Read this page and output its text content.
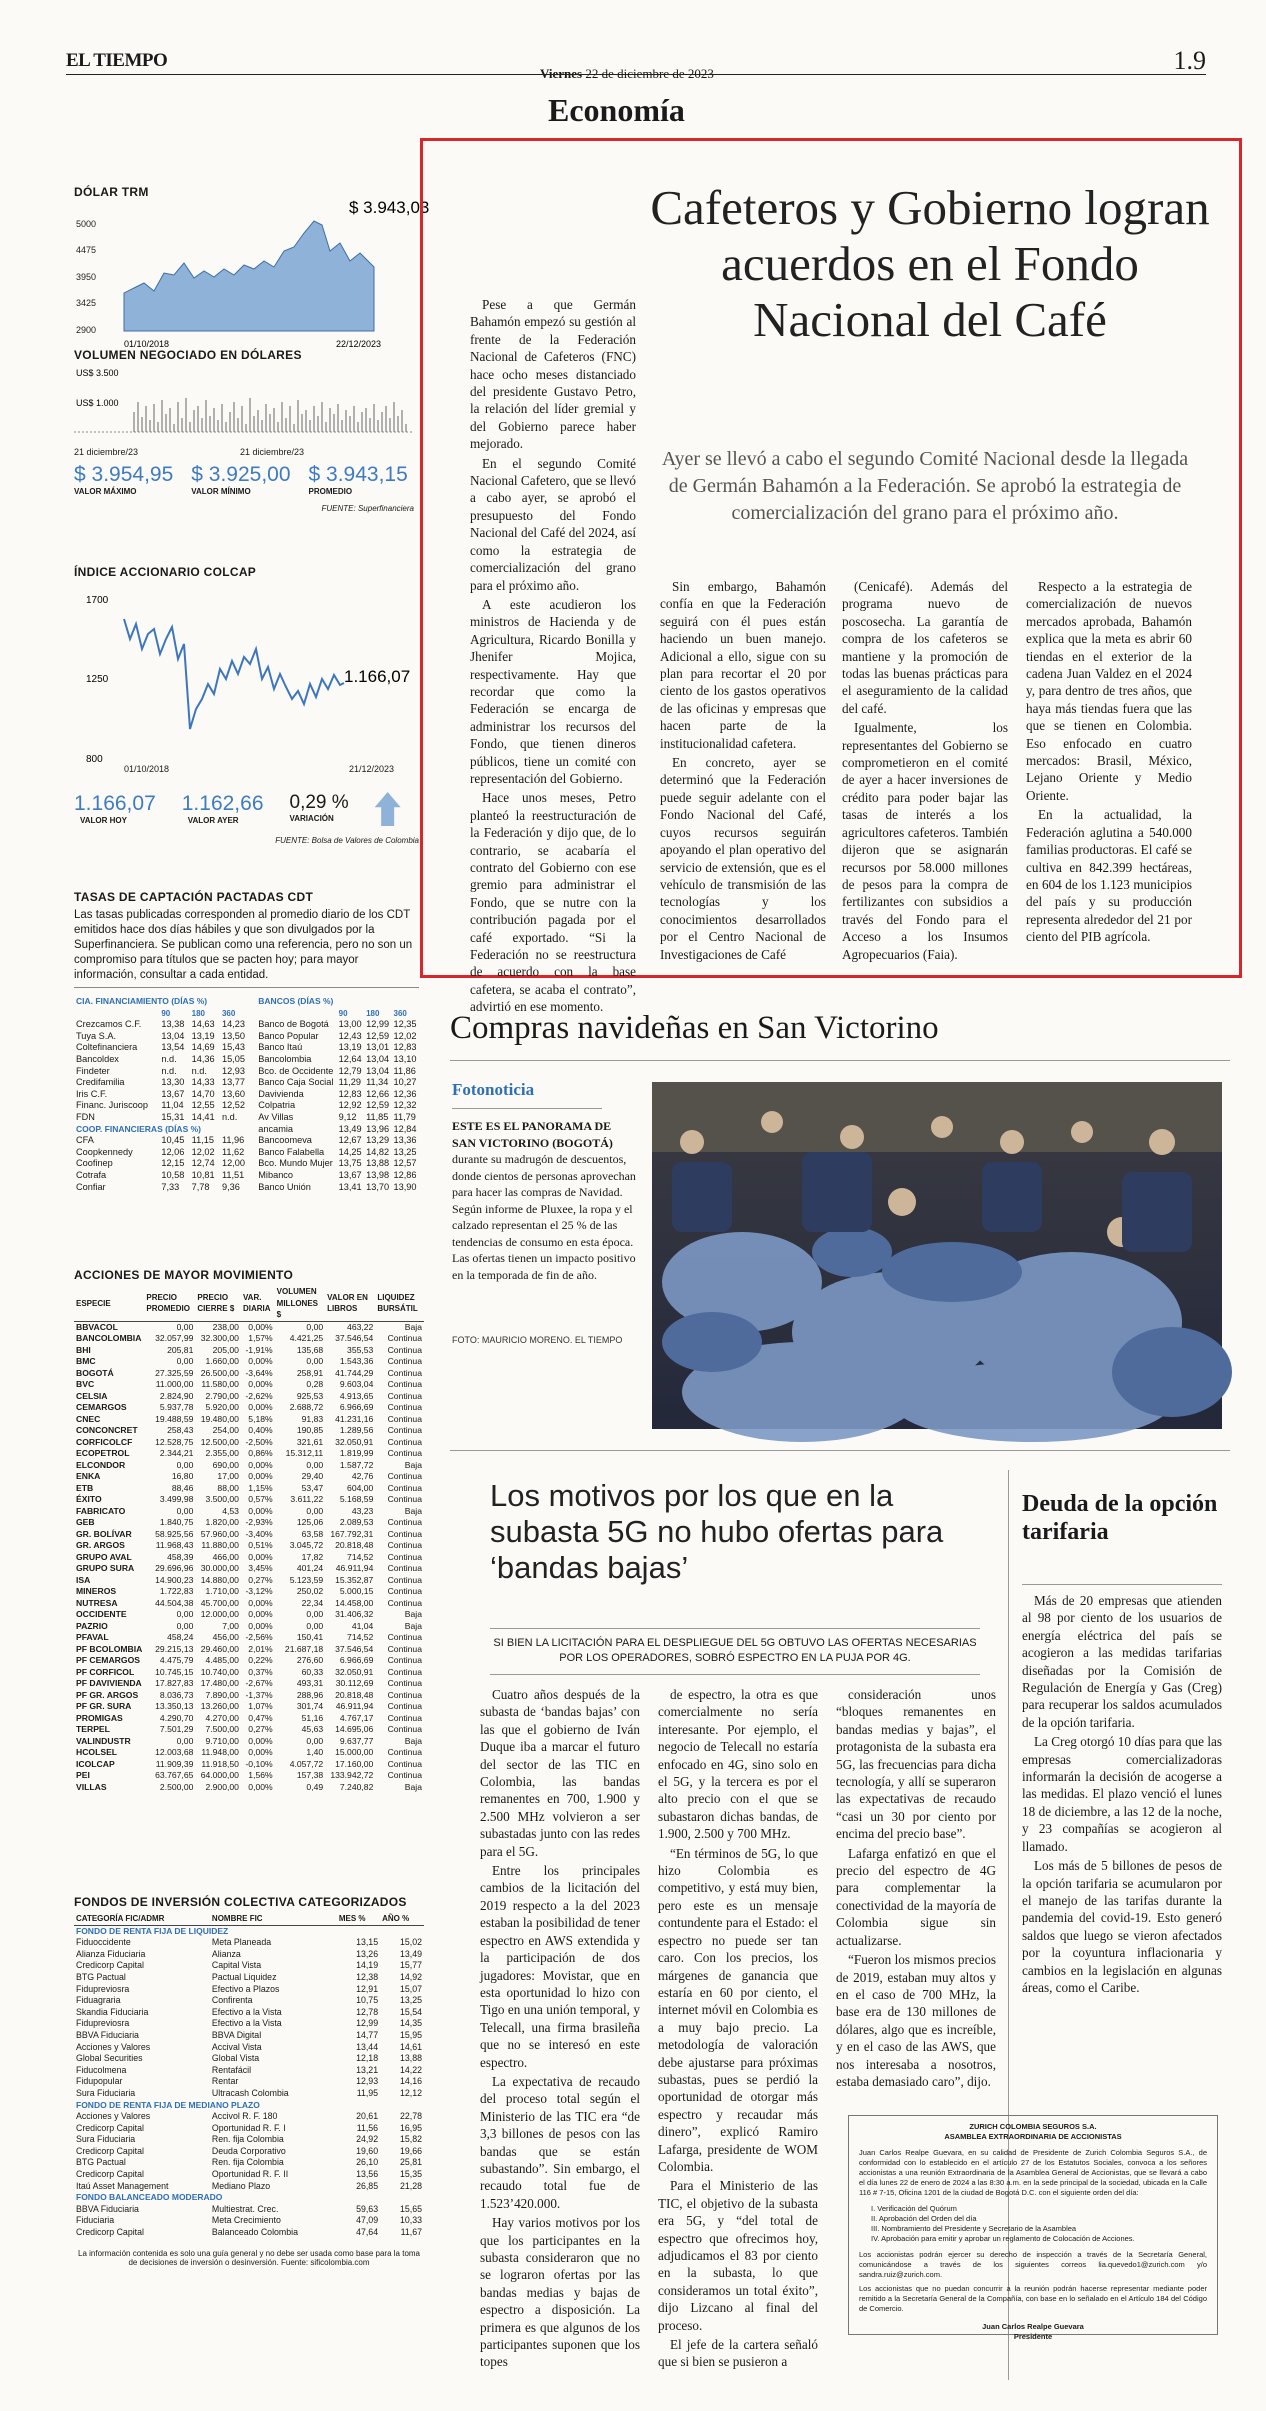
EL TIEMPO
Viernes 22 de diciembre de 2023	1.9
Economía
DÓLAR TRM
5000
4475
3950
3425
2900
$ 3.943,03
01/10/2018	22/12/2023
VOLUMEN NEGOCIADO EN DÓLARES
US$ 3.500
US$ 1.000
21 diciembre/23	21 diciembre/23
$ 3.954,95
VALOR MÁXIMO
$ 3.925,00
VALOR MÍNIMO
$ 3.943,15
PROMEDIO
FUENTE: Superfinanciera
ÍNDICE ACCIONARIO COLCAP
1700
1250
800
1.166,07
01/10/2018	21/12/2023
1.166,07
VALOR HOY
1.162,66
VALOR AYER
0,29 %
VARIACIÓN
FUENTE: Bolsa de Valores de Colombia
TASAS DE CAPTACIÓN PACTADAS CDT
Las tasas publicadas corresponden al promedio diario de los CDT emitidos hace dos días hábiles y que son divulgados por la Superfinanciera. Se publican como una referencia, pero no son un compromiso para títulos que se pacten hoy; para mayor información, consultar a cada entidad.
CIA. FINANCIAMIENTO (DÍAS %)			
	90	180	360
Crezcamos C.F.	13,38	14,63	14,23
Tuya S.A.	13,04	13,19	13,50
Coltefinanciera	13,54	14,69	15,43
Bancoldex	n.d.	14,36	15,05
Findeter	n.d.	n.d.	12,93
Credifamilia	13,30	14,33	13,77
Iris C.F.	13,67	14,70	13,60
Financ. Juriscoop	11,04	12,55	12,52
FDN	15,31	14,41	n.d.
COOP. FINANCIERAS (DÍAS %)			
CFA	10,45	11,15	11,96
Coopkennedy	12,06	12,02	11,62
Coofinep	12,15	12,74	12,00
Cotrafa	10,58	10,81	11,51
Confiar	7,33	7,78	9,36
BANCOS (DÍAS %)			
	90	180	360
Banco de Bogotá	13,00	12,99	12,35
Banco Popular	12,43	12,59	12,02
Banco Itaú	13,19	13,01	12,83
Bancolombia	12,64	13,04	13,10
Bco. de Occidente	12,79	13,04	11,86
Banco Caja Social	11,29	11,34	10,27
Davivienda	12,83	12,66	12,36
Colpatria	12,92	12,59	12,32
Av Villas	9,12	11,85	11,79
ancamia	13,49	13,96	12,84
Bancoomeva	12,67	13,29	13,36
Banco Falabella	14,25	14,82	13,25
Bco. Mundo Mujer	13,75	13,88	12,57
Mibanco	13,67	13,98	12,86
Banco Unión	13,41	13,70	13,90
ACCIONES DE MAYOR MOVIMIENTO
ESPECIE	PRECIO PROMEDIO	PRECIO CIERRE $	VAR. DIARIA	VOLUMEN MILLONES $	VALOR EN LIBROS	LIQUIDEZ BURSÁTIL
BBVACOL	0,00	238,00	0,00%	0,00	463,22	Baja
BANCOLOMBIA	32.057,99	32.300,00	1,57%	4.421,25	37.546,54	Continua
BHI	205,81	205,00	-1,91%	135,68	355,53	Continua
BMC	0,00	1.660,00	0,00%	0,00	1.543,36	Continua
BOGOTÁ	27.325,59	26.500,00	-3,64%	258,91	41.744,29	Continua
BVC	11.000,00	11.580,00	0,00%	0,28	9.603,04	Continua
CELSIA	2.824,90	2.790,00	-2,62%	925,53	4.913,65	Continua
CEMARGOS	5.937,78	5.920,00	0,00%	2.688,72	6.966,69	Continua
CNEC	19.488,59	19.480,00	5,18%	91,83	41.231,16	Continua
CONCONCRET	258,43	254,00	0,40%	190,85	1.289,56	Continua
CORFICOLCF	12.528,75	12.500,00	-2,50%	321,61	32.050,91	Continua
ECOPETROL	2.344,21	2.355,00	0,86%	15.312,11	1.819,99	Continua
ELCONDOR	0,00	690,00	0,00%	0,00	1.587,72	Baja
ENKA	16,80	17,00	0,00%	29,40	42,76	Continua
ETB	88,46	88,00	1,15%	53,47	604,00	Continua
ÉXITO	3.499,98	3.500,00	0,57%	3.611,22	5.168,59	Continua
FABRICATO	0,00	4,53	0,00%	0,00	43,23	Baja
GEB	1.840,75	1.820,00	-2,93%	125,06	2.089,53	Continua
GR. BOLÍVAR	58.925,56	57.960,00	-3,40%	63,58	167.792,31	Continua
GR. ARGOS	11.968,43	11.880,00	0,51%	3.045,72	20.818,48	Continua
GRUPO AVAL	458,39	466,00	0,00%	17,82	714,52	Continua
GRUPO SURA	29.696,96	30.000,00	3,45%	401,24	46.911,94	Continua
ISA	14.900,23	14.880,00	0,27%	5.123,59	15.352,87	Continua
MINEROS	1.722,83	1.710,00	-3,12%	250,02	5.000,15	Continua
NUTRESA	44.504,38	45.700,00	0,00%	22,34	14.458,00	Continua
OCCIDENTE	0,00	12.000,00	0,00%	0,00	31.406,32	Baja
PAZRIO	0,00	7,00	0,00%	0,00	41,04	Baja
PFAVAL	458,24	456,00	-2,56%	150,41	714,52	Continua
PF BCOLOMBIA	29.215,13	29.460,00	2,01%	21.687,18	37.546,54	Continua
PF CEMARGOS	4.475,79	4.485,00	0,22%	276,60	6.966,69	Continua
PF CORFICOL	10.745,15	10.740,00	0,37%	60,33	32.050,91	Continua
PF DAVIVIENDA	17.827,83	17.480,00	-2,67%	493,31	30.112,69	Continua
PF GR. ARGOS	8.036,73	7.890,00	-1,37%	288,96	20.818,48	Continua
PF GR. SURA	13.350,13	13.260,00	1,07%	301,74	46.911,94	Continua
PROMIGAS	4.290,70	4.270,00	0,47%	51,16	4.767,17	Continua
TERPEL	7.501,29	7.500,00	0,27%	45,63	14.695,06	Continua
VALINDUSTR	0,00	9.710,00	0,00%	0,00	9.637,77	Baja
HCOLSEL	12.003,68	11.948,00	0,00%	1,40	15.000,00	Continua
ICOLCAP	11.909,39	11.918,50	-0,10%	4.057,72	17.160,00	Continua
PEI	63.767,65	64.000,00	1,56%	157,38	133.942,72	Continua
VILLAS	2.500,00	2.900,00	0,00%	0,49	7.240,82	Baja
FONDOS DE INVERSIÓN COLECTIVA CATEGORIZADOS
CATEGORÍA FIC/ADMR	NOMBRE FIC	MES %	AÑO %
FONDO DE RENTA FIJA DE LIQUIDEZ			
Fiduoccidente	Meta Planeada	13,15	15,02
Alianza Fiduciaria	Alianza	13,26	13,49
Credicorp Capital	Capital Vista	14,19	15,77
BTG Pactual	Pactual Liquidez	12,38	14,92
Fidupreviosra	Efectivo a Plazos	12,91	15,07
Fiduagraria	Confirenta	10,75	13,25
Skandia Fiduciaria	Efectivo a la Vista	12,78	15,54
Fidupreviosra	Efectivo a la Vista	12,99	14,35
BBVA Fiduciaria	BBVA Digital	14,77	15,95
Acciones y Valores	Accival Vista	13,44	14,61
Global Securities	Global Vista	12,18	13,88
Fiducolmena	Rentafácil	13,21	14,22
Fidupopular	Rentar	12,93	14,16
Sura Fiduciaria	Ultracash Colombia	11,95	12,12
FONDO DE RENTA FIJA DE MEDIANO PLAZO			
Acciones y Valores	Accivol R. F. 180	20,61	22,78
Credicorp Capital	Oportunidad R. F. I	11,56	16,95
Sura Fiduciaria	Ren. fija Colombia	24,92	15,82
Credicorp Capital	Deuda Corporativo	19,60	19,66
BTG Pactual	Ren. fija Colombia	26,10	25,81
Credicorp Capital	Oportunidad R. F. II	13,56	15,35
Itaú Asset Management	Mediano Plazo	26,85	21,28
FONDO BALANCEADO MODERADO			
BBVA Fiduciaria	Multiestrat. Crec.	59,63	15,65
Fiduciaria	Meta Crecimiento	47,09	10,33
Credicorp Capital	Balanceado Colombia	47,64	11,67
La información contenida es solo una guía general y no debe ser usada como base para la toma de decisiones de inversión o desinversión. Fuente: sificolombia.com
Cafeteros y Gobierno logran acuerdos en el Fondo Nacional del Café
Ayer se llevó a cabo el segundo Comité Nacional desde la llegada de Germán Bahamón a la Federación. Se aprobó la estrategia de comercialización del grano para el próximo año.

Pese a que Germán Bahamón empezó su gestión al frente de la Federación Nacional de Cafeteros (FNC) hace ocho meses distanciado del presidente Gustavo Petro, la relación del líder gremial y del Gobierno parece haber mejorado.

En el segundo Comité Nacional Cafetero, que se llevó a cabo ayer, se aprobó el presupuesto del Fondo Nacional del Café del 2024, así como la estrategia de comercialización del grano para el próximo año.

A este acudieron los ministros de Hacienda y de Agricultura, Ricardo Bonilla y Jhenifer Mojica, respectivamente. Hay que recordar que como la Federación se encarga de administrar los recursos del Fondo, que tienen dineros públicos, tiene un comité con representación del Gobierno.

Hace unos meses, Petro planteó la reestructuración de la Federación y dijo que, de lo contrario, se acabaría el contrato del Gobierno con ese gremio para administrar el Fondo, que se nutre con la contribución pagada por el café exportado. “Si la Federación no se reestructura de acuerdo con la base cafetera, se acaba el contrato”, advirtió en ese momento.

Sin embargo, Bahamón confía en que la Federación seguirá con él pues están haciendo un buen manejo. Adicional a ello, sigue con su plan para recortar el 20 por ciento de los gastos operativos de las oficinas y empresas que hacen parte de la institucionalidad cafetera.

En concreto, ayer se determinó que la Federación puede seguir adelante con el Fondo Nacional del Café, cuyos recursos seguirán apoyando el plan operativo del servicio de extensión, que es el vehículo de transmisión de las tecnologías y los conocimientos desarrollados por el Centro Nacional de Investigaciones de Café

(Cenicafé). Además del programa nuevo de poscosecha. La garantía de compra de los cafeteros se mantiene y la promoción de todas las buenas prácticas para el aseguramiento de la calidad del café.

Igualmente, los representantes del Gobierno se comprometieron en el comité de ayer a hacer inversiones de crédito para poder bajar las tasas de interés a los agricultores cafeteros. También dijeron que se asignarán recursos por 58.000 millones de pesos para la compra de fertilizantes con subsidios a través del Fondo para el Acceso a los Insumos Agropecuarios (Faia).

Respecto a la estrategia de comercialización de nuevos mercados aprobada, Bahamón explica que la meta es abrir 60 tiendas en el exterior de la cadena Juan Valdez en el 2024 y, para dentro de tres años, que haya más tiendas fuera que las que se tienen en Colombia. Eso enfocado en cuatro mercados: Brasil, México, Lejano Oriente y Medio Oriente.

En la actualidad, la Federación aglutina a 540.000 familias productoras. El café se cultiva en 842.399 hectáreas, en 604 de los 1.123 municipios del país y su producción representa alrededor del 21 por ciento del PIB agrícola.

Compras navideñas en San Victorino
Fotonoticia
ESTE ES EL PANORAMA DE SAN VICTORINO (BOGOTÁ) durante su madrugón de descuentos, donde cientos de personas aprovechan para hacer las compras de Navidad. Según informe de Pluxee, la ropa y el calzado representan el 25 % de las tendencias de consumo en esta época. Las ofertas tienen un impacto positivo en la temporada de fin de año.
FOTO: MAURICIO MORENO. EL TIEMPO
Los motivos por los que en la subasta 5G no hubo ofertas para ‘bandas bajas’
SI BIEN LA LICITACIÓN PARA EL DESPLIEGUE DEL 5G OBTUVO LAS OFERTAS NECESARIAS POR LOS OPERADORES, SOBRÓ ESPECTRO EN LA PUJA POR 4G.

Cuatro años después de la subasta de ‘bandas bajas’ con las que el gobierno de Iván Duque iba a marcar el futuro del sector de las TIC en Colombia, las bandas remanentes en 700, 1.900 y 2.500 MHz volvieron a ser subastadas junto con las redes para el 5G.

Entre los principales cambios de la licitación del 2019 respecto a la del 2023 estaban la posibilidad de tener espectro en AWS extendida y la participación de dos jugadores: Movistar, que en esta oportunidad lo hizo con Tigo en una unión temporal, y Telecall, una firma brasileña que no se interesó en este espectro.

La expectativa de recaudo del proceso total según el Ministerio de las TIC era “de 3,3 billones de pesos con las bandas que se están subastando”. Sin embargo, el recaudo total fue de 1.523’420.000.

Hay varios motivos por los que los participantes en la subasta consideraron que no se lograron ofertas por las bandas medias y bajas de espectro a disposición. La primera es que algunos de los participantes suponen que los topes

de espectro, la otra es que comercialmente no sería interesante. Por ejemplo, el negocio de Telecall no estaría enfocado en 4G, sino solo en el 5G, y la tercera es por el alto precio con el que se subastaron dichas bandas, de 1.900, 2.500 y 700 MHz.

“En términos de 5G, lo que hizo Colombia es competitivo, y está muy bien, pero este es un mensaje contundente para el Estado: el espectro no puede ser tan caro. Con los precios, los márgenes de ganancia que estaría en 60 por ciento, el internet móvil en Colombia es a muy bajo precio. La metodología de valoración debe ajustarse para próximas subastas, pues se perdió la oportunidad de otorgar más espectro y recaudar más dinero”, explicó Ramiro Lafarga, presidente de WOM Colombia.

Para el Ministerio de las TIC, el objetivo de la subasta era 5G, y “del total de espectro que ofrecimos hoy, adjudicamos el 83 por ciento en la subasta, lo que consideramos un total éxito”, dijo Lizcano al final del proceso.

El jefe de la cartera señaló que si bien se pusieron a

consideración unos “bloques remanentes en bandas medias y bajas”, el protagonista de la subasta era 5G, las frecuencias para dicha tecnología, y allí se superaron las expectativas de recaudo “casi un 30 por ciento por encima del precio base”.

Lafarga enfatizó en que el precio del espectro de 4G para complementar la conectividad de la mayoría de Colombia sigue sin actualizarse.

“Fueron los mismos precios de 2019, estaban muy altos y en el caso de 700 MHz, la base era de 130 millones de dólares, algo que es increíble, y en el caso de las AWS, que nos interesaba a nosotros, estaba demasiado caro”, dijo.

Deuda de la opción tarifaria

Más de 20 empresas que atienden al 98 por ciento de los usuarios de energía eléctrica del país se acogieron a las medidas tarifarias diseñadas por la Comisión de Regulación de Energía y Gas (Creg) para recuperar los saldos acumulados de la opción tarifaria.

La Creg otorgó 10 días para que las empresas comercializadoras informarán la decisión de acogerse a las medidas. El plazo venció el lunes 18 de diciembre, a las 12 de la noche, y 23 compañías se acogieron al llamado.

Los más de 5 billones de pesos de la opción tarifaria se acumularon por el manejo de las tarifas durante la pandemia del covid-19. Esto generó saldos que luego se vieron afectados por la coyuntura inflacionaria y cambios en la legislación en algunas áreas, como el Caribe.

ZURICH COLOMBIA SEGUROS S.A.
ASAMBLEA EXTRAORDINARIA DE ACCIONISTAS
Juan Carlos Realpe Guevara, en su calidad de Presidente de Zurich Colombia Seguros S.A., de conformidad con lo establecido en el artículo 27 de los Estatutos Sociales, convoca a los señores accionistas a una reunión Extraordinaria de la Asamblea General de Accionistas, que se llevará a cabo el día lunes 22 de enero de 2024 a las 8:30 a.m. en la sede principal de la sociedad, ubicada en la Calle 116 # 7-15, Oficina 1201 de la ciudad de Bogotá D.C. con el siguiente orden del día:
I. Verificación del Quórum
II. Aprobación del Orden del día
III. Nombramiento del Presidente y Secretario de la Asamblea
IV. Aprobación para emitir y aprobar un reglamento de Colocación de Acciones.
Los accionistas podrán ejercer su derecho de inspección a través de la Secretaría General, comunicándose a través de los siguientes correos lia.quevedo1@zurich.com y/o sandra.ruiz@zurich.com.
Los accionistas que no puedan concurrir a la reunión podrán hacerse representar mediante poder remitido a la Secretaría General de la Compañía, con base en lo señalado en el Artículo 184 del Código de Comercio.
Juan Carlos Realpe Guevara
Presidente
